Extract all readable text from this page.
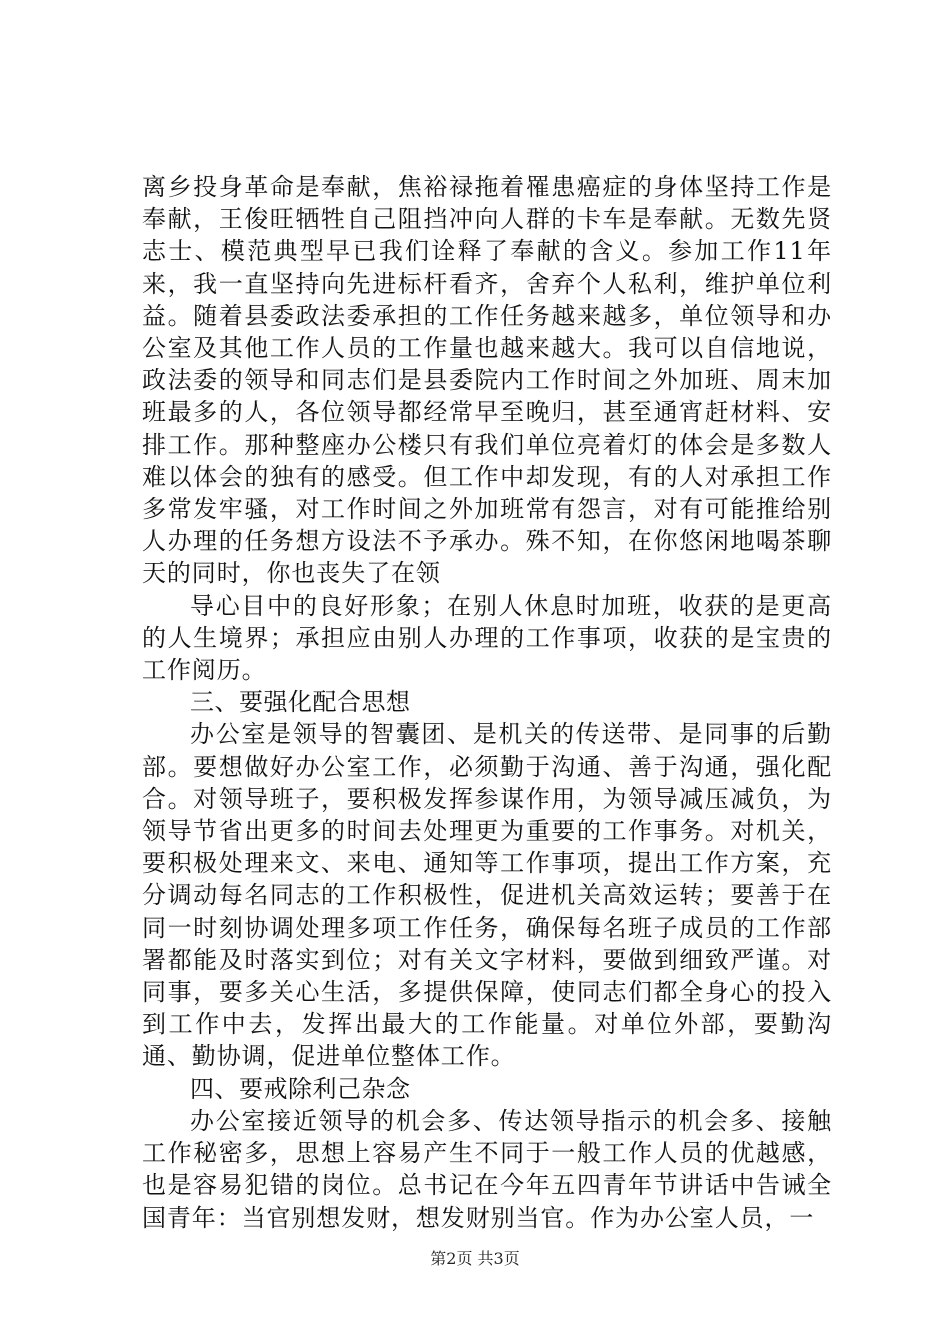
离乡投身革命是奉献，焦裕禄拖着罹患癌症的身体坚持工作是奉献，王俊旺牺牲自己阻挡冲向人群的卡车是奉献。无数先贤志士、模范典型早已我们诠释了奉献的含义。参加工作11年来，我一直坚持向先进标杆看齐，舍弃个人私利，维护单位利益。随着县委政法委承担的工作任务越来越多，单位领导和办公室及其他工作人员的工作量也越来越大。我可以自信地说，政法委的领导和同志们是县委院内工作时间之外加班、周末加班最多的人，各位领导都经常早至晚归，甚至通宵赶材料、安排工作。那种整座办公楼只有我们单位亮着灯的体会是多数人难以体会的独有的感受。但工作中却发现，有的人对承担工作多常发牢骚，对工作时间之外加班常有怨言，对有可能推给别人办理的任务想方设法不予承办。殊不知，在你悠闲地喝茶聊天的同时，你也丧失了在领

导心目中的良好形象；在别人休息时加班，收获的是更高的人生境界；承担应由别人办理的工作事项，收获的是宝贵的工作阅历。

三、要强化配合思想

办公室是领导的智囊团、是机关的传送带、是同事的后勤部。要想做好办公室工作，必须勤于沟通、善于沟通，强化配合。对领导班子，要积极发挥参谋作用，为领导减压减负，为领导节省出更多的时间去处理更为重要的工作事务。对机关，要积极处理来文、来电、通知等工作事项，提出工作方案，充分调动每名同志的工作积极性，促进机关高效运转；要善于在同一时刻协调处理多项工作任务，确保每名班子成员的工作部署都能及时落实到位；对有关文字材料，要做到细致严谨。对同事，要多关心生活，多提供保障，使同志们都全身心的投入到工作中去，发挥出最大的工作能量。对单位外部，要勤沟通、勤协调，促进单位整体工作。

四、要戒除利己杂念

办公室接近领导的机会多、传达领导指示的机会多、接触工作秘密多，思想上容易产生不同于一般工作人员的优越感，也是容易犯错的岗位。总书记在今年五四青年节讲话中告诫全国青年：当官别想发财，想发财别当官。作为办公室人员，一

第2页 共3页
